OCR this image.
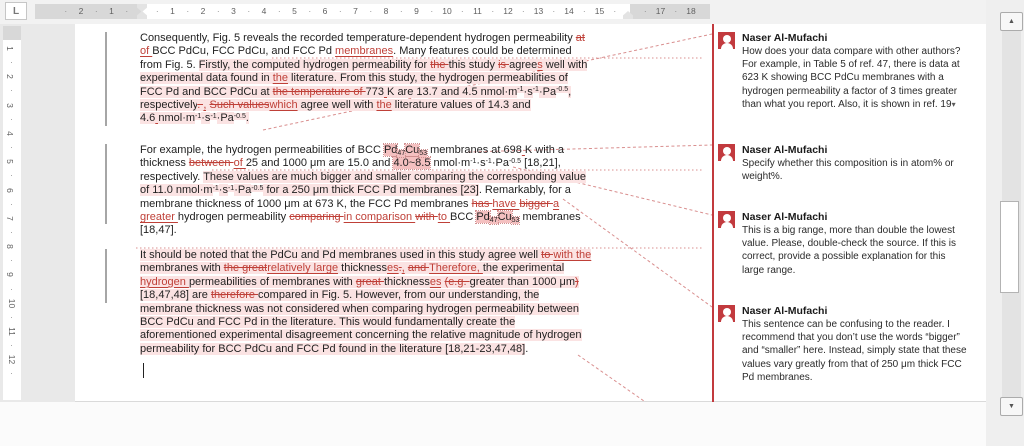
L	2	1	1	2	3	4	5	6	7	8	9	10	11	12 13 14 15	17 18
·	·	·	·	·	·	·	·	·	·	·	·	·	·	·	·	·	·	·	·	·
1
·
2
·
3
·
4
·
5
·
6
·
7
·
8
·
9
·
10
·
11
·
12
·
Consequently, Fig. 5 reveals the recorded temperature-dependent hydrogen permeability at
of BCC PdCu, FCC PdCu, and FCC Pd membranes. Many features could be determined
from Fig. 5. Firstly, the computed hydrogen permeability for the this study is agrees well with
experimental data found in the literature. From this study, the hydrogen permeabilities of
FCC Pd and BCC PdCu at the temperature of 773 K are 13.7 and 4.5 $nmol\cdot m^{-1}\cdot s^{-1}\cdot Pa^{-0.5}$,
respectively. , Such valueswhich agree well with the literature values of 14.3 and
4.6 $nmol\cdot m^{-1}\cdot s^{-1}\cdot Pa^{-0.5}$.
For example, the hydrogen permeabilities of BCC Pd47Cu53 membranes at 698 K with a
thickness between of 25 and 1000 μm are 15.0 and 4.0~8.5 $nmol\cdot m^{-1}\cdot s^{-1}\cdot Pa^{-0.5}$ [18,21],
respectively. These values are much bigger and smaller comparing the corresponding value
of 11.0 $nmol\cdot m^{-1}\cdot s^{-1}\cdot Pa^{-0.5}$ for a 250 μm thick FCC Pd membranes [23]. Remarkably, for a
membrane thickness of 1000 μm at 673 K, the FCC Pd membranes has have bigger a
greater hydrogen permeability comparing in comparison with to BCC Pd47Cu53 membranes
[18,47].
It should be noted that the PdCu and Pd membranes used in this study agree well to with the
membranes with the greatrelatively large thicknesses., and Therefore, the experimental
hydrogen permeabilities of membranes with great thicknesses (e.g. greater than 1000 μm)
[18,47,48] are therefore compared in Fig. 5. However, from our understanding, the
membrane thickness was not considered when comparing hydrogen permeability between
BCC PdCu and FCC Pd in the literature. This would fundamentally create the
aforementioned experimental disagreement concerning the relative magnitude of hydrogen
permeability for BCC PdCu and FCC Pd found in the literature [18,21-23,47,48].
Naser Al-Mufachi
How does your data compare with other authors? For example, in Table 5 of ref. 47, there is data at 623 K showing BCC PdCu membranes with a hydrogen permeability a factor of 3 times greater than what you report. Also, it is shown in ref. 19▾
Naser Al-Mufachi
Specify whether this composition is in atom% or weight%.
Naser Al-Mufachi
This is a big range, more than double the lowest value. Please, double-check the source. If this is correct, provide a possible explanation for this large range.
Naser Al-Mufachi
This sentence can be confusing to the reader. I recommend that you don’t use the words “bigger” and “smaller” here. Instead, simply state that these values vary greatly from that of 250 μm thick FCC Pd membranes.
▲
▼
